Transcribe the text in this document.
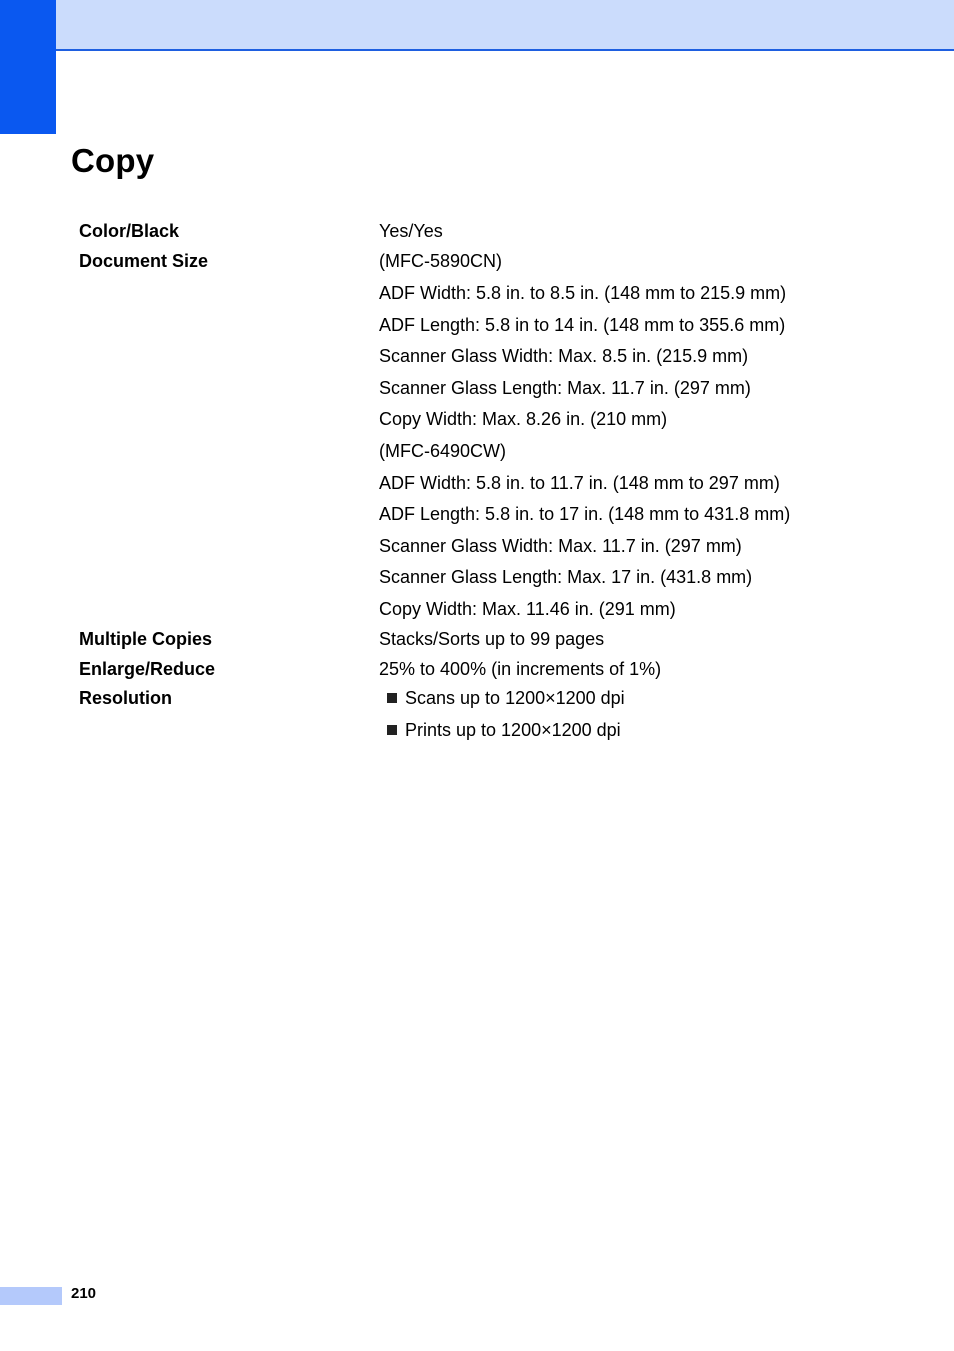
Copy
Color/Black	Yes/Yes
Document Size	(MFC-5890CN)
ADF Width: 5.8 in. to 8.5 in. (148 mm to 215.9 mm)
ADF Length: 5.8 in to 14 in. (148 mm to 355.6 mm)
Scanner Glass Width: Max. 8.5 in. (215.9 mm)
Scanner Glass Length: Max. 11.7 in. (297 mm)
Copy Width: Max. 8.26 in. (210 mm)
(MFC-6490CW)
ADF Width: 5.8 in. to 11.7 in. (148 mm to 297 mm)
ADF Length: 5.8 in. to 17 in. (148 mm to 431.8 mm)
Scanner Glass Width: Max. 11.7 in. (297 mm)
Scanner Glass Length: Max. 17 in. (431.8 mm)
Copy Width: Max. 11.46 in. (291 mm)
Multiple Copies	Stacks/Sorts up to 99 pages
Enlarge/Reduce	25% to 400% (in increments of 1%)
Resolution	Scans up to 1200×1200 dpi
Prints up to 1200×1200 dpi
210
